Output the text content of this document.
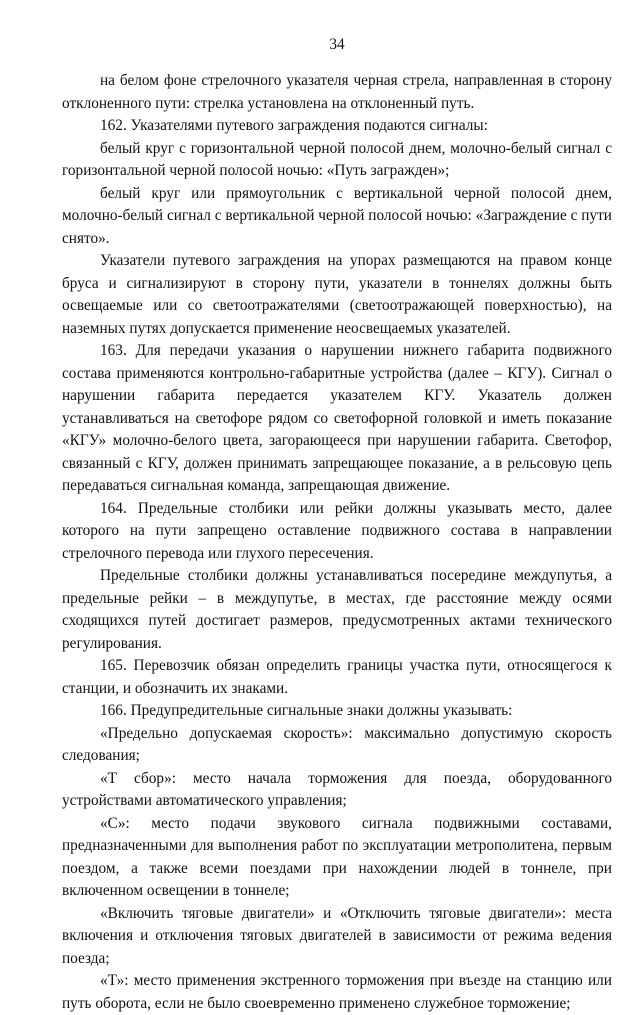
34

на белом фоне стрелочного указателя черная стрела, направленная в сторону отклоненного пути: стрелка установлена на отклоненный путь.

162. Указателями путевого заграждения подаются сигналы:

белый круг с горизонтальной черной полосой днем, молочно-белый сигнал с горизонтальной черной полосой ночью: «Путь загражден»;

белый круг или прямоугольник с вертикальной черной полосой днем, молочно-белый сигнал с вертикальной черной полосой ночью: «Заграждение с пути снято».

Указатели путевого заграждения на упорах размещаются на правом конце бруса и сигнализируют в сторону пути, указатели в тоннелях должны быть освещаемые или со светоотражателями (светоотражающей поверхностью), на наземных путях допускается применение неосвещаемых указателей.

163. Для передачи указания о нарушении нижнего габарита подвижного состава применяются контрольно-габаритные устройства (далее – КГУ). Сигнал о нарушении габарита передается указателем КГУ. Указатель должен устанавливаться на светофоре рядом со светофорной головкой и иметь показание «КГУ» молочно-белого цвета, загорающееся при нарушении габарита. Светофор, связанный с КГУ, должен принимать запрещающее показание, а в рельсовую цепь передаваться сигнальная команда, запрещающая движение.

164. Предельные столбики или рейки должны указывать место, далее которого на пути запрещено оставление подвижного состава в направлении стрелочного перевода или глухого пересечения.

Предельные столбики должны устанавливаться посередине междупутья, а предельные рейки – в междупутье, в местах, где расстояние между осями сходящихся путей достигает размеров, предусмотренных актами технического регулирования.

165. Перевозчик обязан определить границы участка пути, относящегося к станции, и обозначить их знаками.

166. Предупредительные сигнальные знаки должны указывать:

«Предельно допускаемая скорость»: максимально допустимую скорость следования;

«Т сбор»: место начала торможения для поезда, оборудованного устройствами автоматического управления;

«С»: место подачи звукового сигнала подвижными составами, предназначенными для выполнения работ по эксплуатации метрополитена, первым поездом, а также всеми поездами при нахождении людей в тоннеле, при включенном освещении в тоннеле;

«Включить тяговые двигатели» и «Отключить тяговые двигатели»: места включения и отключения тяговых двигателей в зависимости от режима ведения поезда;

«Т»: место применения экстренного торможения при въезде на станцию или путь оборота, если не было своевременно применено служебное торможение;
